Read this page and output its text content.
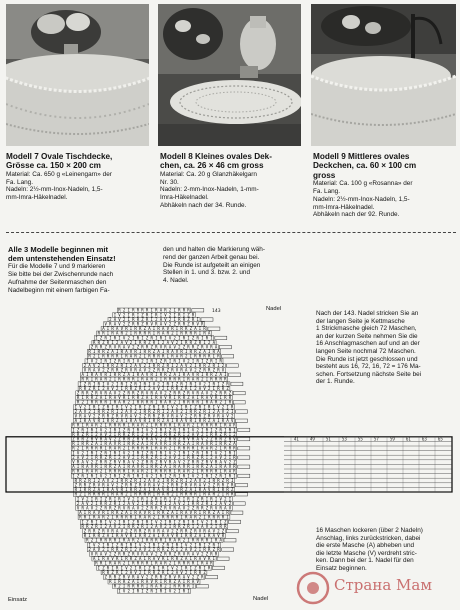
Modell 7 Ovale Tischdecke,
Grösse ca. 150 × 200 cm
Material: Ca. 650 g «Leinengarn» der
Fa. Lang.
Nadeln: 2½-mm-Inox-Nadeln, 1,5-
mm-Imra-Häkelnadel.
Modell 8 Kleines ovales Dek-
chen, ca. 26 × 46 cm gross
Material: Ca. 20 g Glanzhäkelgarn
Nr. 30.
Nadeln: 2-mm-Inox-Nadeln, 1-mm-
Imra-Häkelnadel.
Abhäkeln nach der 34. Runde.
Modell 9 Mittleres ovales
Deckchen, ca. 60 × 100 cm
gross
Material: Ca. 100 g «Rosanna» der
Fa. Lang.
Nadeln: 2½-mm-Inox-Nadeln, 1,5-
mm-Imra-Häkelnadel.
Abhäkeln nach der 92. Runde.
Alle 3 Modelle beginnen mit
dem untenstehenden Einsatz!
Für die Modelle 7 und 9 markieren
Sie bitte bei der Zwischenrunde nach
Aufnahme der Seitenmaschen den
Nadelbeginn mit einem farbigen Fa-
den und halten die Markierung wäh-
rend der ganzen Arbeit genau bei.
Die Runde ist aufgeteilt an einigen
Stellen in 1. und 3. bzw. 2. und
4. Nadel.
R 2 I R R R R I R A R 2 I R R R
I V 2 I R I Z R I R I V 2 I R I Z R
2 A V 2 I R R Z R I 2 A V 2 I R R Z R I
V R A V 2 Z R R Z R V R A V 2 Z R R Z R V R
A I R A V R I R R Z A I R A V R I R R Z A I R
R R I R A R 2 I R R R R I R A R 2 I R R R R I R A
I Z R I R I V 2 I R I Z R I R I V 2 I R I Z R I R I
R R Z R I 2 A V 2 I R R Z R I 2 A V 2 I R R Z R I 2 A
Z R R Z R V R A V 2 Z R R Z R V R A V 2 Z R R Z R V R A
R I R R Z A I R A V R I R R Z A I R A V R I R R Z A I R A
R 2 I R R R R I R A R 2 I R R R R I R A R 2 I R R R R I R
I V 2 I R I Z R I R I V 2 I R I Z R I R I V 2 I R I Z R I R
2 A V 2 I R R Z R I 2 A V 2 I R R Z R I 2 A V 2 I R R Z R I 2
V R A V 2 Z R R Z R V R A V 2 Z R R Z R V R A V 2 Z R R Z R V
A I R A V R I R R Z A I R A V R I R R Z A I R A V R I R R Z A I
R R I R A R 2 I R R R R I R A R 2 I R R R R I R A R 2 I R R R R
I Z R I R I V 2 I R I Z R I R I V 2 I R I Z R I R I V 2 I R I Z R
R R Z R I 2 A V 2 I R R Z R I 2 A V 2 I R R Z R I 2 A V 2 I R R Z
Z R R Z R V R A V 2 Z R R Z R V R A V 2 Z R R Z R V R A V 2 Z R R Z
R I R R Z A I R A V R I R R Z A I R A V R I R R Z A I R A V R I R R
R 2 I R R R R I R A R 2 I R R R R I R A R 2 I R R R R I R A R 2 I R
I V 2 I R I Z R I R I V 2 I R I Z R I R I V 2 I R I Z R I R I V 2 I R
2 A V 2 I R R Z R I 2 A V 2 I R R Z R I 2 A V 2 I R R Z R I 2 A V 2 I
V R A V 2 Z R R Z R V R A V 2 Z R R Z R V R A V 2 Z R R Z R V R A V 2
A I R A V R I R R Z A I R A V R I R R Z A I R A V R I R R Z A I R A V
R R I R A R 2 I R R R R I R A R 2 I R R R R I R A R 2 I R R R R I R A R
I Z R I R I V 2 I R I Z R I R I V 2 I R I Z R I R I V 2 I R I Z R I R I
R R Z R I 2 A V 2 I R R Z R I 2 A V 2 I R R Z R I 2 A V 2 I R R Z R I 2
Z R R Z R V R A V 2 Z R R Z R V R A V 2 Z R R Z R V R A V 2 Z R R Z R V
R I R R Z A I R A V R I R R Z A I R A V R I R R Z A I R A V R I R R Z A
R 2 I R R R R I R A R 2 I R R R R I R A R 2 I R R R R I R A R 2 I R R R
I V 2 I R I Z R I R I V 2 I R I Z R I R I V 2 I R I Z R I R I V 2 I R I
2 A V 2 I R R Z R I 2 A V 2 I R R Z R I 2 A V 2 I R R Z R I 2 A V 2 I R
V R A V 2 Z R R Z R V R A V 2 Z R R Z R V R A V 2 Z R R Z R V R A V 2 Z
A I R A V R I R R Z A I R A V R I R R Z A I R A V R I R R Z A I R A V R
R R I R A R 2 I R R R R I R A R 2 I R R R R I R A R 2 I R R R R I R A R
I Z R I R I V 2 I R I Z R I R I V 2 I R I Z R I R I V 2 I R I Z R I R I
R R Z R I 2 A V 2 I R R Z R I 2 A V 2 I R R Z R I 2 A V 2 I R R Z R I
Z R R Z R V R A V 2 Z R R Z R V R A V 2 Z R R Z R V R A V 2 Z R R Z R
R I R R Z A I R A V R I R R Z A I R A V R I R R Z A I R A V R I R R Z
R 2 I R R R R I R A R 2 I R R R R I R A R 2 I R R R R I R A R 2 I R R
I V 2 I R I Z R I R I V 2 I R I Z R I R I V 2 I R I Z R I R I V 2 I
2 A V 2 I R R Z R I 2 A V 2 I R R Z R I 2 A V 2 I R R Z R I 2 A V 2
V R A V 2 Z R R Z R V R A V 2 Z R R Z R V R A V 2 Z R R Z R V R A V
A I R A V R I R R Z A I R A V R I R R Z A I R A V R I R R Z A I R
R R I R A R 2 I R R R R I R A R 2 I R R R R I R A R 2 I R R R R I
I Z R I R I V 2 I R I Z R I R I V 2 I R I Z R I R I V 2 I R I Z
R R Z R I 2 A V 2 I R R Z R I 2 A V 2 I R R Z R I 2 A V 2 I R R
Z R R Z R V R A V 2 Z R R Z R V R A V 2 Z R R Z R V R A V 2 Z
R I R R Z A I R A V R I R R Z A I R A V R I R R Z A I R A V R
R 2 I R R R R I R A R 2 I R R R R I R A R 2 I R R R R I R A
I V 2 I R I Z R I R I V 2 I R I Z R I R I V 2 I R I Z R I
2 A V 2 I R R Z R I 2 A V 2 I R R Z R I 2 A V 2 I R R Z R
V R A V 2 Z R R Z R V R A V 2 Z R R Z R V R A V 2 Z R R
A I R A V R I R R Z A I R A V R I R R Z A I R A V R I
R R I R A R 2 I R R R R I R A R 2 I R R R R I R A R
I Z R I R I V 2 I R I Z R I R I V 2 I R I Z R I R
R R Z R I 2 A V 2 I R R Z R I 2 A V 2 I R R Z
Z R R Z R V R A V 2 Z R R Z R V R A V 2 Z R
R I R R Z A I R A V R I R R Z A I R A V
R 2 I R R R R I R A R 2 I R R R R I
I V 2 I R I Z R I R I V 2 I R I
143
41	49	51	53	55	57	59	61	63	65
Nadel
Nadel
Einsatz
Nach der 143. Nadel stricken Sie an
der langen Seite je Kettmasche
1 Strickmasche gleich 72 Maschen,
an der kurzen Seite nehmen Sie die
16 Anschlagmaschen auf und an der
langen Seite nochmal 72 Maschen.
Die Runde ist jetzt geschlossen und
besteht aus 16, 72, 16, 72 = 176 Ma-
schen. Fortsetzung nächste Seite bei
der 1. Runde.
16 Maschen lockeren (über 2 Nadeln)
Anschlag, links zurückstricken, dabei
die erste Masche (A) abheben und
die letzte Masche (V) verdreht stric-
ken. Dann bei der 1. Nadel für den
Einsatz beginnen.
Страна Мам
